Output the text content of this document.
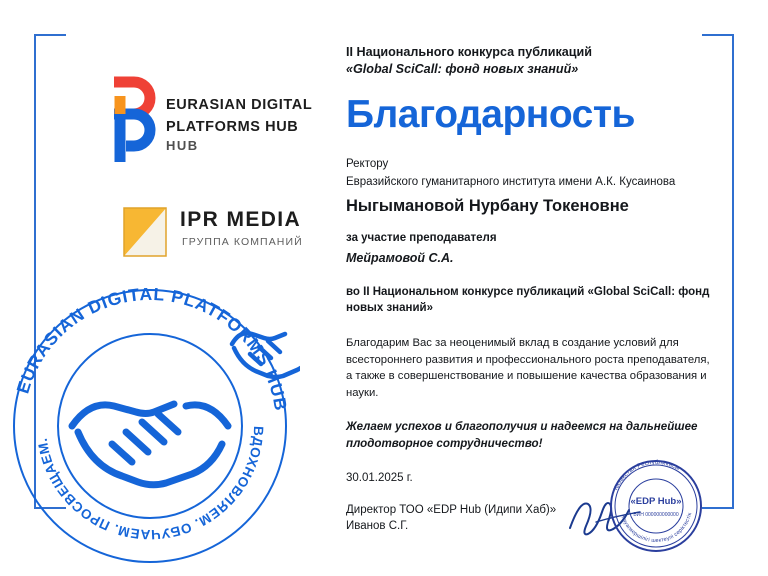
EURASIAN DIGITAL
PLATFORMS HUB
HUB
IPR MEDIA
ГРУППА КОМПАНИЙ
EURASIAN DIGITAL PLATFORMS HUB
ВДОХНОВЛЯЕМ. ОБУЧАЕМ. ПРОСВЕЩАЕМ.
II Национального конкурса публикаций
«Global SciCall: фонд новых знаний»
Благодарность
Ректору
Евразийского гуманитарного института имени А.К. Кусаинова
Ныгымановой Нурбану Токеновне
за участие преподавателя
Мейрамовой С.А.
во II Национальном конкурсе публикаций «Global SciCall: фонд новых знаний»
Благодарим Вас за неоценимый вклад в создание условий для всестороннего развития и профессионального роста преподавателя, а также в совершенствование и повышение качества образования и науки.
Желаем успехов и благополучия и надеемся на дальнейшее плодотворное сотрудничество!
30.01.2025 г.
Директор ТОО «EDP Hub (Идипи Хаб)»
Иванов С.Г.
Қазақстан Республикасы
Жауапкершілігі шектеулі серіктестік
«EDP Hub»
БИН 000000000000
